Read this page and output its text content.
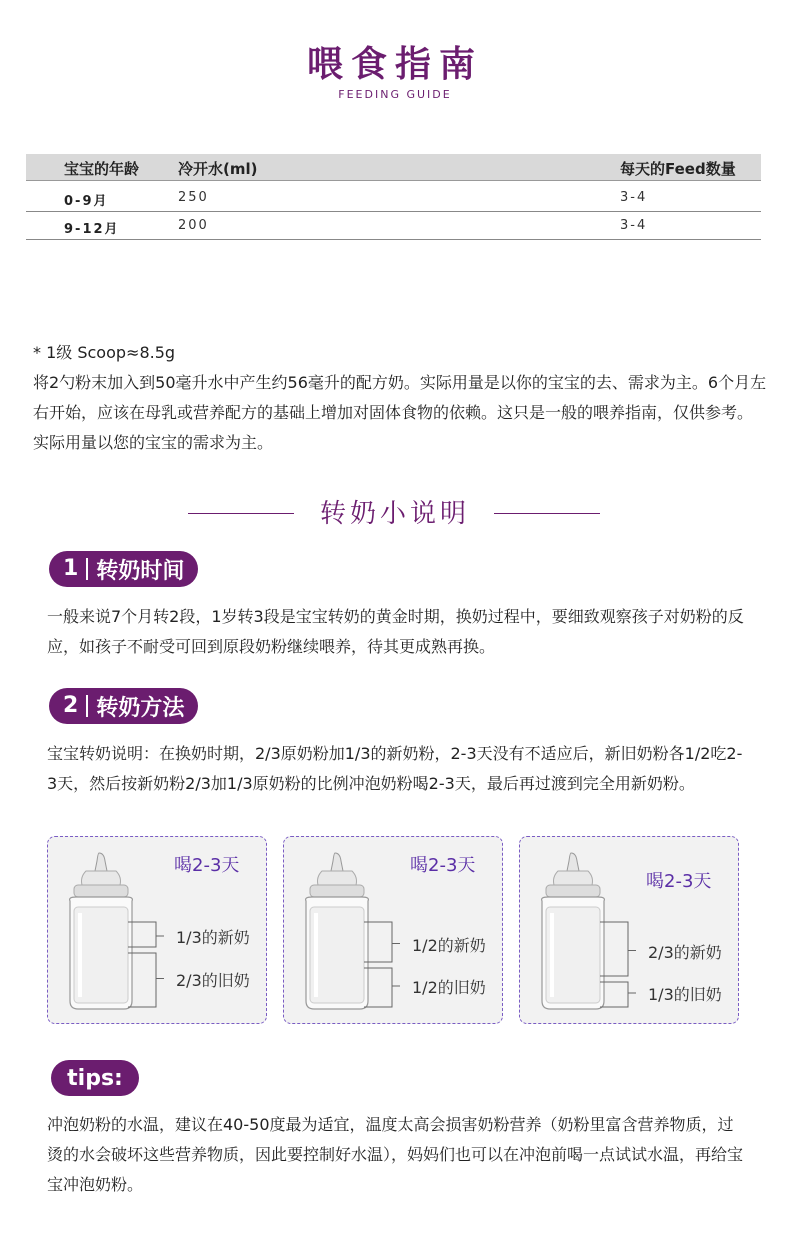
喂食指南
FEEDING GUIDE
宝宝的年龄	冷开水(ml)	每天的Feed数量
0-9月	250	3-4
9-12月	200	3-4

* 1级 Scoop≈8.5g

将2勺粉末加入到50毫升水中产生约56毫升的配方奶。实际用量是以你的宝宝的去、需求为主。6个月左右开始，应该在母乳或营养配方的基础上增加对固体食物的依赖。这只是一般的喂养指南，仅供参考。实际用量以您的宝宝的需求为主。

转奶小说明
1 转奶时间

一般来说7个月转2段，1岁转3段是宝宝转奶的黄金时期，换奶过程中，要细致观察孩子对奶粉的反应，如孩子不耐受可回到原段奶粉继续喂养，待其更成熟再换。

2 转奶方法

宝宝转奶说明：在换奶时期，2/3原奶粉加1/3的新奶粉，2-3天没有不适应后，新旧奶粉各1/2吃2-3天，然后按新奶粉2/3加1/3原奶粉的比例冲泡奶粉喝2-3天，最后再过渡到完全用新奶粉。

喝2-3天
1/3的新奶
2/3的旧奶
喝2-3天
1/2的新奶
1/2的旧奶
喝2-3天
2/3的新奶
1/3的旧奶
tips:

冲泡奶粉的水温，建议在40-50度最为适宜，温度太高会损害奶粉营养（奶粉里富含营养物质，过烫的水会破坏这些营养物质，因此要控制好水温），妈妈们也可以在冲泡前喝一点试试水温，再给宝宝冲泡奶粉。
